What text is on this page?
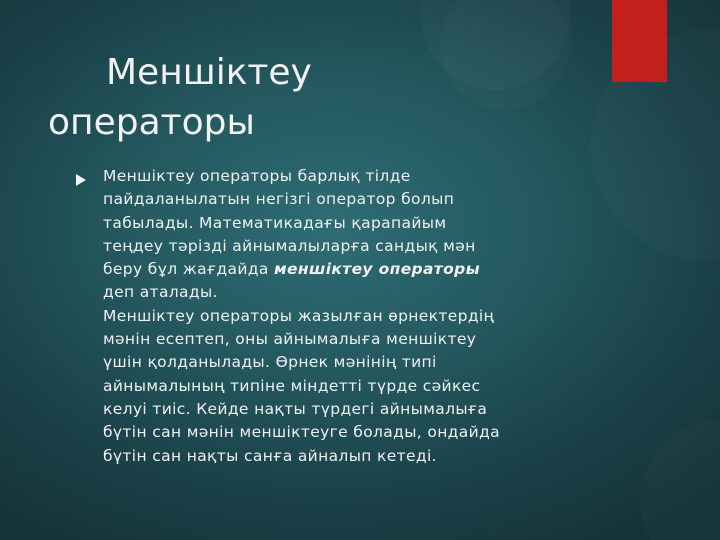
Меншіктеу
операторы

Меншіктеу операторы барлық тілде
пайдаланылатын негізгі оператор болып
табылады. Математикадағы қарапайым
теңдеу тәрізді айнымалыларға сандық мән
беру бұл жағдайда меншіктеу операторы
деп аталады.
Меншіктеу операторы жазылған өрнектердің
мәнін есептеп, оны айнымалыға меншіктеу
үшін қолданылады. Өрнек мәнінің типі
айнымалының типіне міндетті түрде сәйкес
келуі тиіс. Кейде нақты түрдегі айнымалыға
бүтін сан мәнін меншіктеуге болады, ондайда
бүтін сан нақты санға айналып кетеді.
